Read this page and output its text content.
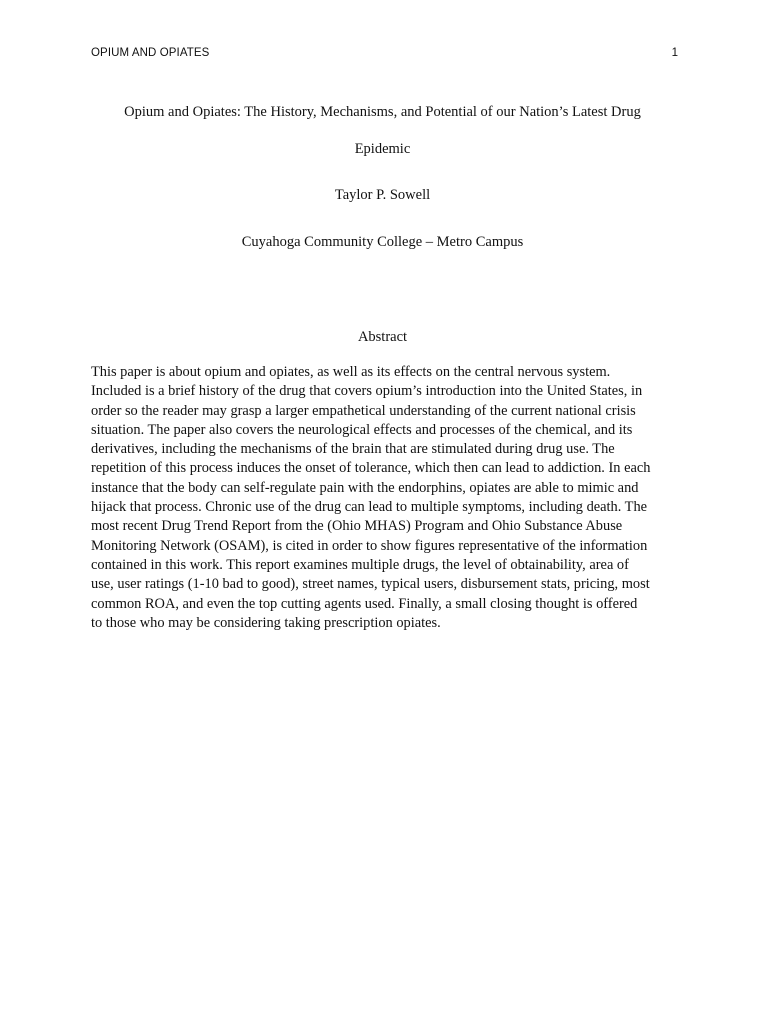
OPIUM AND OPIATES	1
Opium and Opiates: The History, Mechanisms, and Potential of our Nation’s Latest Drug
Epidemic
Taylor P. Sowell
Cuyahoga Community College – Metro Campus
Abstract
This paper is about opium and opiates, as well as its effects on the central nervous system.
Included is a brief history of the drug that covers opium’s introduction into the United States, in
order so the reader may grasp a larger empathetical understanding of the current national crisis
situation. The paper also covers the neurological effects and processes of the chemical, and its
derivatives, including the mechanisms of the brain that are stimulated during drug use. The
repetition of this process induces the onset of tolerance, which then can lead to addiction. In each
instance that the body can self-regulate pain with the endorphins, opiates are able to mimic and
hijack that process. Chronic use of the drug can lead to multiple symptoms, including death. The
most recent Drug Trend Report from the (Ohio MHAS) Program and Ohio Substance Abuse
Monitoring Network (OSAM), is cited in order to show figures representative of the information
contained in this work. This report examines multiple drugs, the level of obtainability, area of
use, user ratings (1-10 bad to good), street names, typical users, disbursement stats, pricing, most
common ROA, and even the top cutting agents used. Finally, a small closing thought is offered
to those who may be considering taking prescription opiates.
